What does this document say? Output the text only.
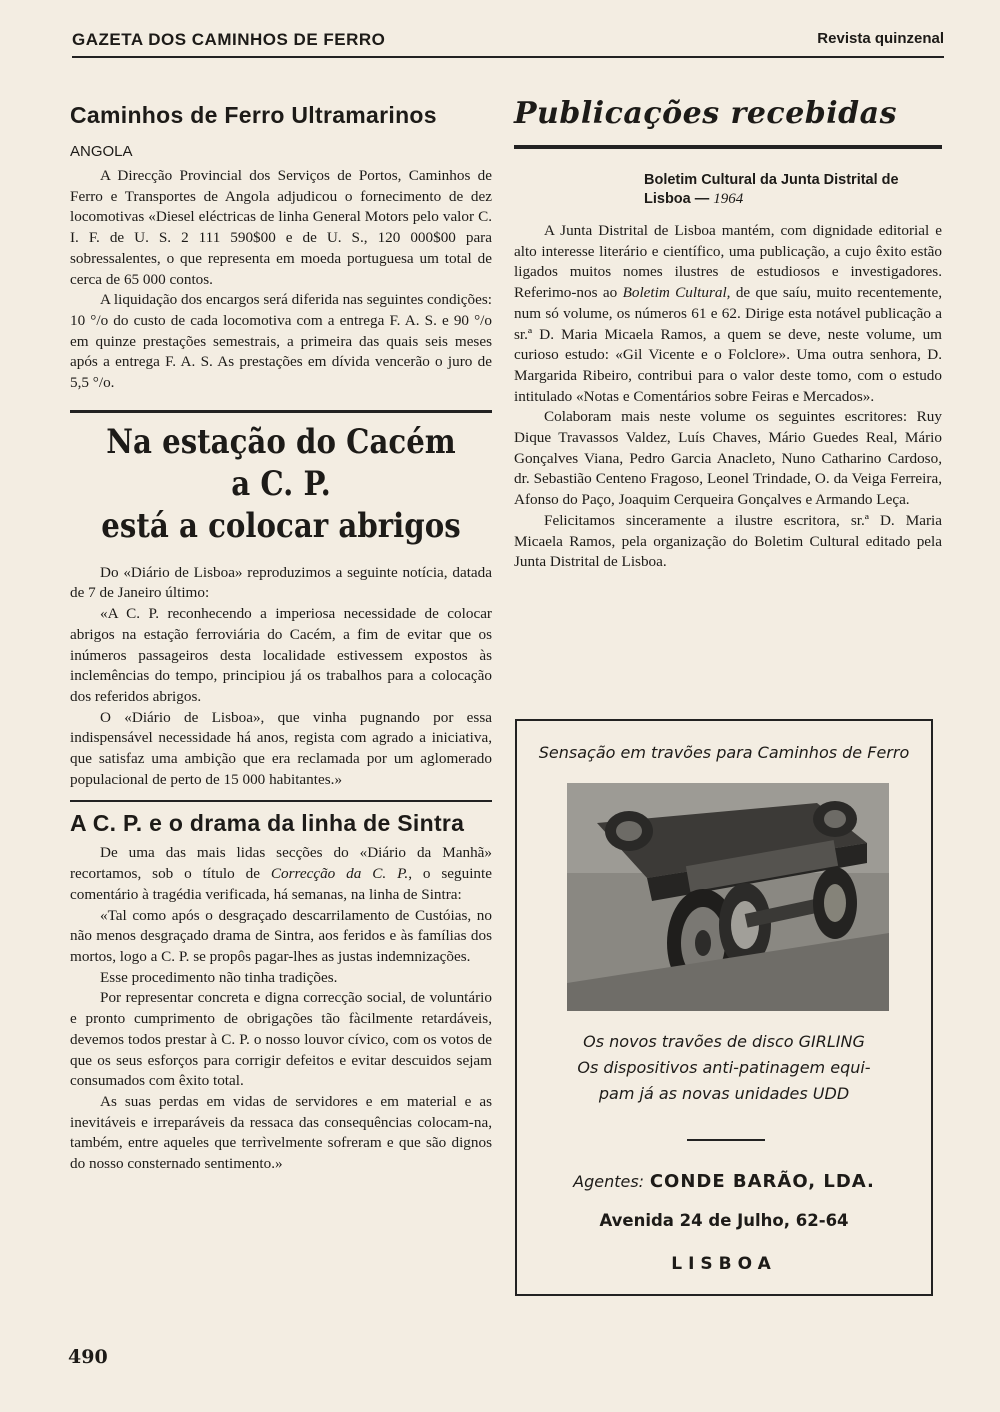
GAZETA DOS CAMINHOS DE FERRO	Revista quinzenal
Caminhos de Ferro Ultramarinos
ANGOLA

A Direcção Provincial dos Serviços de Portos, Caminhos de Ferro e Transportes de Angola adjudicou o fornecimento de dez locomotivas «Diesel eléctricas de linha General Motors pelo valor C. I. F. de U. S. 2 111 590$00 e de U. S., 120 000$00 para sobressalentes, o que representa em moeda portuguesa um total de cerca de 65 000 contos.

A liquidação dos encargos será diferida nas seguintes condições: 10 °/o do custo de cada locomotiva com a entrega F. A. S. e 90 °/o em quinze prestações semestrais, a primeira das quais seis meses após a entrega F. A. S. As prestações em dívida vencerão o juro de 5,5 °/o.

Na estação do Cacém a C. P.

está a colocar abrigos

Do «Diário de Lisboa» reproduzimos a seguinte notícia, datada de 7 de Janeiro último:

«A C. P. reconhecendo a imperiosa necessidade de colocar abrigos na estação ferroviária do Cacém, a fim de evitar que os inúmeros passageiros desta localidade estivessem expostos às inclemências do tempo, principiou já os trabalhos para a colocação dos referidos abrigos.

O «Diário de Lisboa», que vinha pugnando por essa indispensável necessidade há anos, regista com agrado a iniciativa, que satisfaz uma ambição que era reclamada por um aglomerado populacional de perto de 15 000 habitantes.»

A C. P. e o drama da linha de Sintra

De uma das mais lidas secções do «Diário da Manhã» recortamos, sob o título de Correcção da C. P., o seguinte comentário à tragédia verificada, há semanas, na linha de Sintra:

«Tal como após o desgraçado descarrilamento de Custóias, no não menos desgraçado drama de Sintra, aos feridos e às famílias dos mortos, logo a C. P. se propôs pagar-lhes as justas indemnizações.

Esse procedimento não tinha tradições.

Por representar concreta e digna correcção social, de voluntário e pronto cumprimento de obrigações tão fàcilmente retardáveis, devemos todos prestar à C. P. o nosso louvor cívico, com os votos de que os seus esforços para corrigir defeitos e evitar descuidos sejam consumados com êxito total.

As suas perdas em vidas de servidores e em material e as inevitáveis e irreparáveis da ressaca das consequências colocam-na, também, entre aqueles que terrìvelmente sofreram e que são dignos do nosso consternado sentimento.»

Publicações recebidas

Boletim Cultural da Junta Distrital de Lisboa — 1964

A Junta Distrital de Lisboa mantém, com dignidade editorial e alto interesse literário e científico, uma publicação, a cujo êxito estão ligados muitos nomes ilustres de estudiosos e investigadores. Referimo-nos ao Boletim Cultural, de que saíu, muito recentemente, num só volume, os números 61 e 62. Dirige esta notável publicação a sr.ª D. Maria Micaela Ramos, a quem se deve, neste volume, um curioso estudo: «Gil Vicente e o Folclore». Uma outra senhora, D. Margarida Ribeiro, contribui para o valor deste tomo, com o estudo intitulado «Notas e Comentários sobre Feiras e Mercados».

Colaboram mais neste volume os seguintes escritores: Ruy Dique Travassos Valdez, Luís Chaves, Mário Guedes Real, Mário Gonçalves Viana, Pedro Garcia Anacleto, Nuno Catharino Cardoso, dr. Sebastião Centeno Fragoso, Leonel Trindade, O. da Veiga Ferreira, Afonso do Paço, Joaquim Cerqueira Gonçalves e Armando Leça.

Felicitamos sinceramente a ilustre escritora, sr.ª D. Maria Micaela Ramos, pela organização do Boletim Cultural editado pela Junta Distrital de Lisboa.

Sensação em travões para Caminhos de Ferro
Os novos travões de disco GIRLING
Os dispositivos anti-patinagem equi-
pam já as novas unidades UDD
Agentes: CONDE BARÃO, LDA.
Avenida 24 de Julho, 62-64
LISBOA
490
